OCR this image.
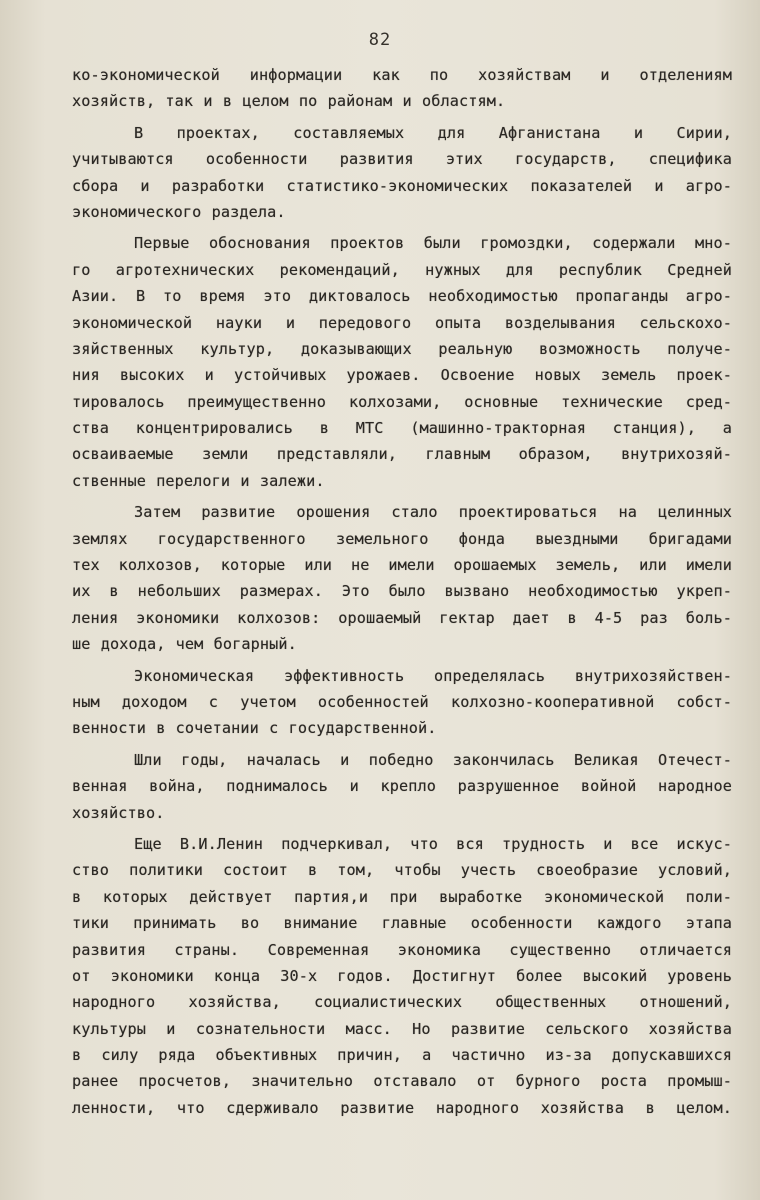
82
ко-экономической информации как по хозяйствам и отделениям
хозяйств, так и в целом по районам и областям.
В проектах, составляемых для Афганистана и Сирии,
учитываются особенности развития этих государств, специфика
сбора и разработки статистико-экономических показателей и агро-
экономического раздела.
Первые обоснования проектов были громоздки, содержали мно-
го агротехнических рекомендаций, нужных для республик Средней
Азии. В то время это диктовалось необходимостью пропаганды агро-
экономической науки и передового опыта возделывания сельскохо-
зяйственных культур, доказывающих реальную возможность получе-
ния высоких и устойчивых урожаев. Освоение новых земель проек-
тировалось преимущественно колхозами, основные технические сред-
ства концентрировались в МТС (машинно-тракторная станция), а
осваиваемые земли представляли, главным образом, внутрихозяй-
ственные перелоги и залежи.
Затем развитие орошения стало проектироваться на целинных
землях государственного земельного фонда выездными бригадами
тех колхозов, которые или не имели орошаемых земель, или имели
их в небольших размерах. Это было вызвано необходимостью укреп-
ления экономики колхозов: орошаемый гектар дает в 4-5 раз боль-
ше дохода, чем богарный.
Экономическая эффективность определялась внутрихозяйствен-
ным доходом с учетом особенностей колхозно-кооперативной собст-
венности в сочетании с государственной.
Шли годы, началась и победно закончилась Великая Отечест-
венная война, поднималось и крепло разрушенное войной народное
хозяйство.
Еще В.И.Ленин подчеркивал, что вся трудность и все искус-
ство политики состоит в том, чтобы учесть своеобразие условий,
в которых действует партия,и при выработке экономической поли-
тики принимать во внимание главные особенности каждого этапа
развития страны. Современная экономика существенно отличается
от экономики конца 30-х годов. Достигнут более высокий уровень
народного хозяйства, социалистических общественных отношений,
культуры и сознательности масс. Но развитие сельского хозяйства
в силу ряда объективных причин, а частично из-за допускавшихся
ранее просчетов, значительно отставало от бурного роста промыш-
ленности, что сдерживало развитие народного хозяйства в целом.
